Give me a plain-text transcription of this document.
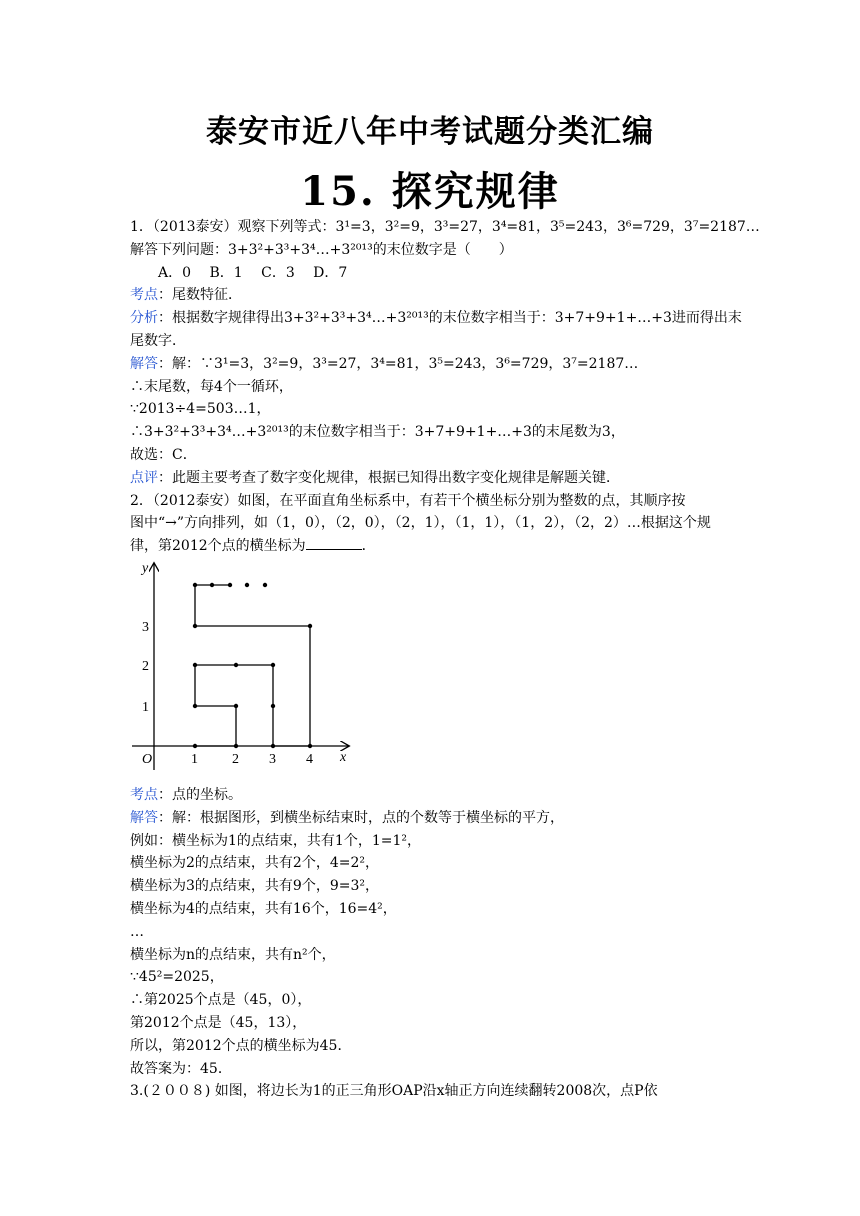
泰安市近八年中考试题分类汇编
15. 探究规律

1．（2013泰安）观察下列等式：3¹=3，3²=9，3³=27，3⁴=81，3⁵=243，3⁶=729，3⁷=2187…

解答下列问题：3+3²+3³+3⁴…+3²⁰¹³的末位数字是（　　）

A．0　 B．1　 C．3　 D．7

考点：尾数特征．

分析：根据数字规律得出3+3²+3³+3⁴…+3²⁰¹³的末位数字相当于：3+7+9+1+…+3进而得出末

尾数字．

解答：解：∵3¹=3，3²=9，3³=27，3⁴=81，3⁵=243，3⁶=729，3⁷=2187…

∴末尾数，每4个一循环，

∵2013÷4=503…1，

∴3+3²+3³+3⁴…+3²⁰¹³的末位数字相当于：3+7+9+1+…+3的末尾数为3，

故选：C．

点评：此题主要考查了数字变化规律，根据已知得出数字变化规律是解题关键．

2．（2012泰安）如图，在平面直角坐标系中，有若干个横坐标分别为整数的点，其顺序按

图中“→”方向排列，如（1，0），（2，0），（2，1），（1，1），（1，2），（2，2）…根据这个规

律，第2012个点的横坐标为	．

y
x
O	1 2 3 4
1
2
3

考点：点的坐标。

解答：解：根据图形，到横坐标结束时，点的个数等于横坐标的平方，

例如：横坐标为1的点结束，共有1个，1=1²，

横坐标为2的点结束，共有2个，4=2²，

横坐标为3的点结束，共有9个，9=3²，

横坐标为4的点结束，共有16个，16=4²，

…

横坐标为n的点结束，共有n²个，

∵45²=2025，

∴第2025个点是（45，0），

第2012个点是（45，13），

所以，第2012个点的横坐标为45．

故答案为：45．

3.(２００８) 如图，将边长为1的正三角形OAP沿x轴正方向连续翻转2008次，点P依
